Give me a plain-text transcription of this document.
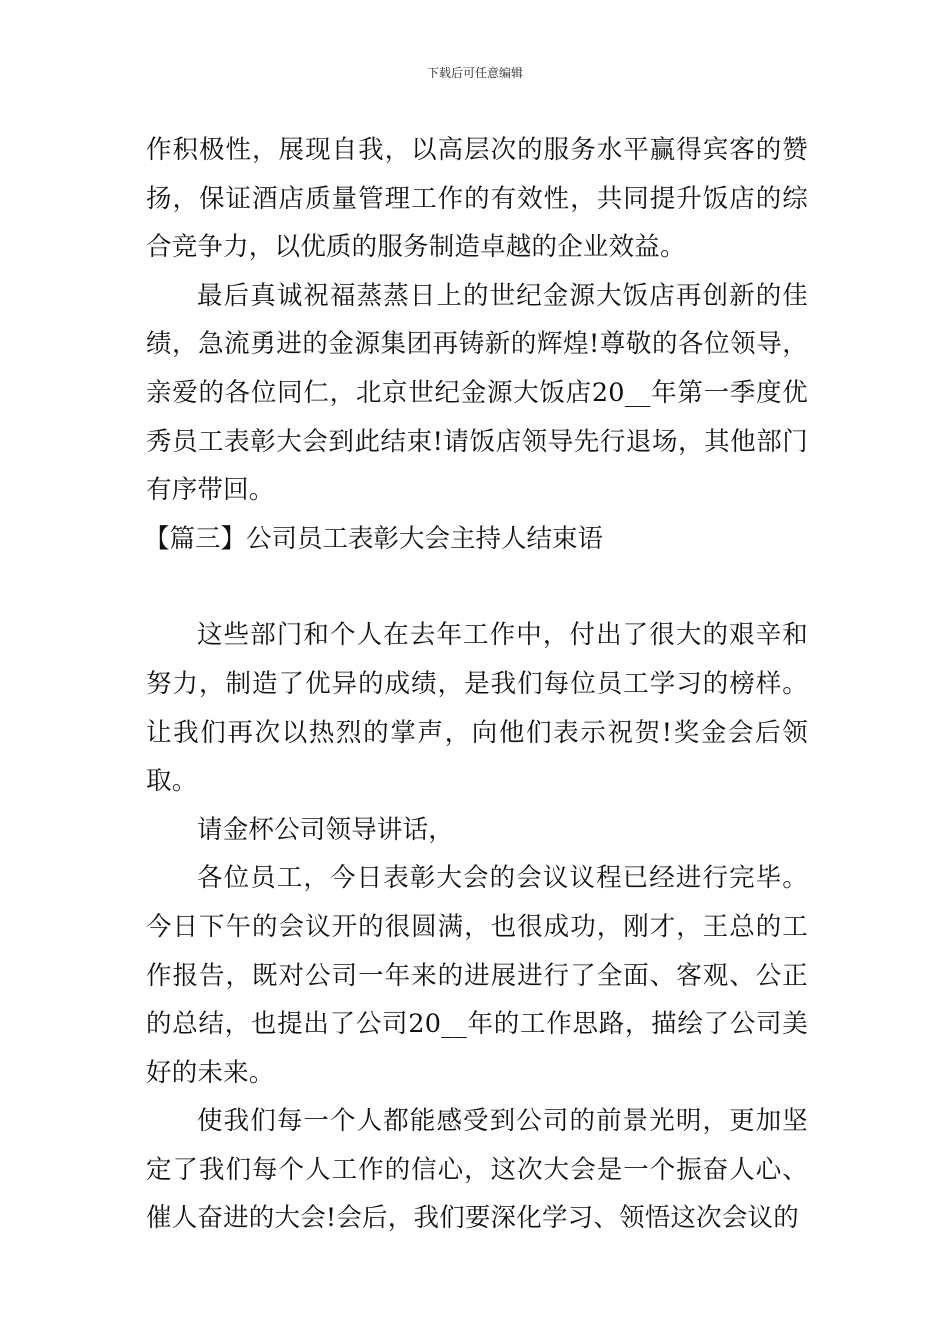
下载后可任意编辑

作积极性，展现自我，以高层次的服务水平赢得宾客的赞扬，保证酒店质量管理工作的有效性，共同提升饭店的综合竞争力，以优质的服务制造卓越的企业效益。

最后真诚祝福蒸蒸日上的世纪金源大饭店再创新的佳绩，急流勇进的金源集团再铸新的辉煌!尊敬的各位领导，亲爱的各位同仁，北京世纪金源大饭店20__年第一季度优秀员工表彰大会到此结束!请饭店领导先行退场，其他部门有序带回。

【篇三】公司员工表彰大会主持人结束语

这些部门和个人在去年工作中，付出了很大的艰辛和努力，制造了优异的成绩，是我们每位员工学习的榜样。让我们再次以热烈的掌声，向他们表示祝贺!奖金会后领取。

请金杯公司领导讲话，

各位员工，今日表彰大会的会议议程已经进行完毕。今日下午的会议开的很圆满，也很成功，刚才，王总的工作报告，既对公司一年来的进展进行了全面、客观、公正的总结，也提出了公司20__年的工作思路，描绘了公司美好的未来。

使我们每一个人都能感受到公司的前景光明，更加坚定了我们每个人工作的信心，这次大会是一个振奋人心、催人奋进的大会!会后，我们要深化学习、领悟这次会议的
